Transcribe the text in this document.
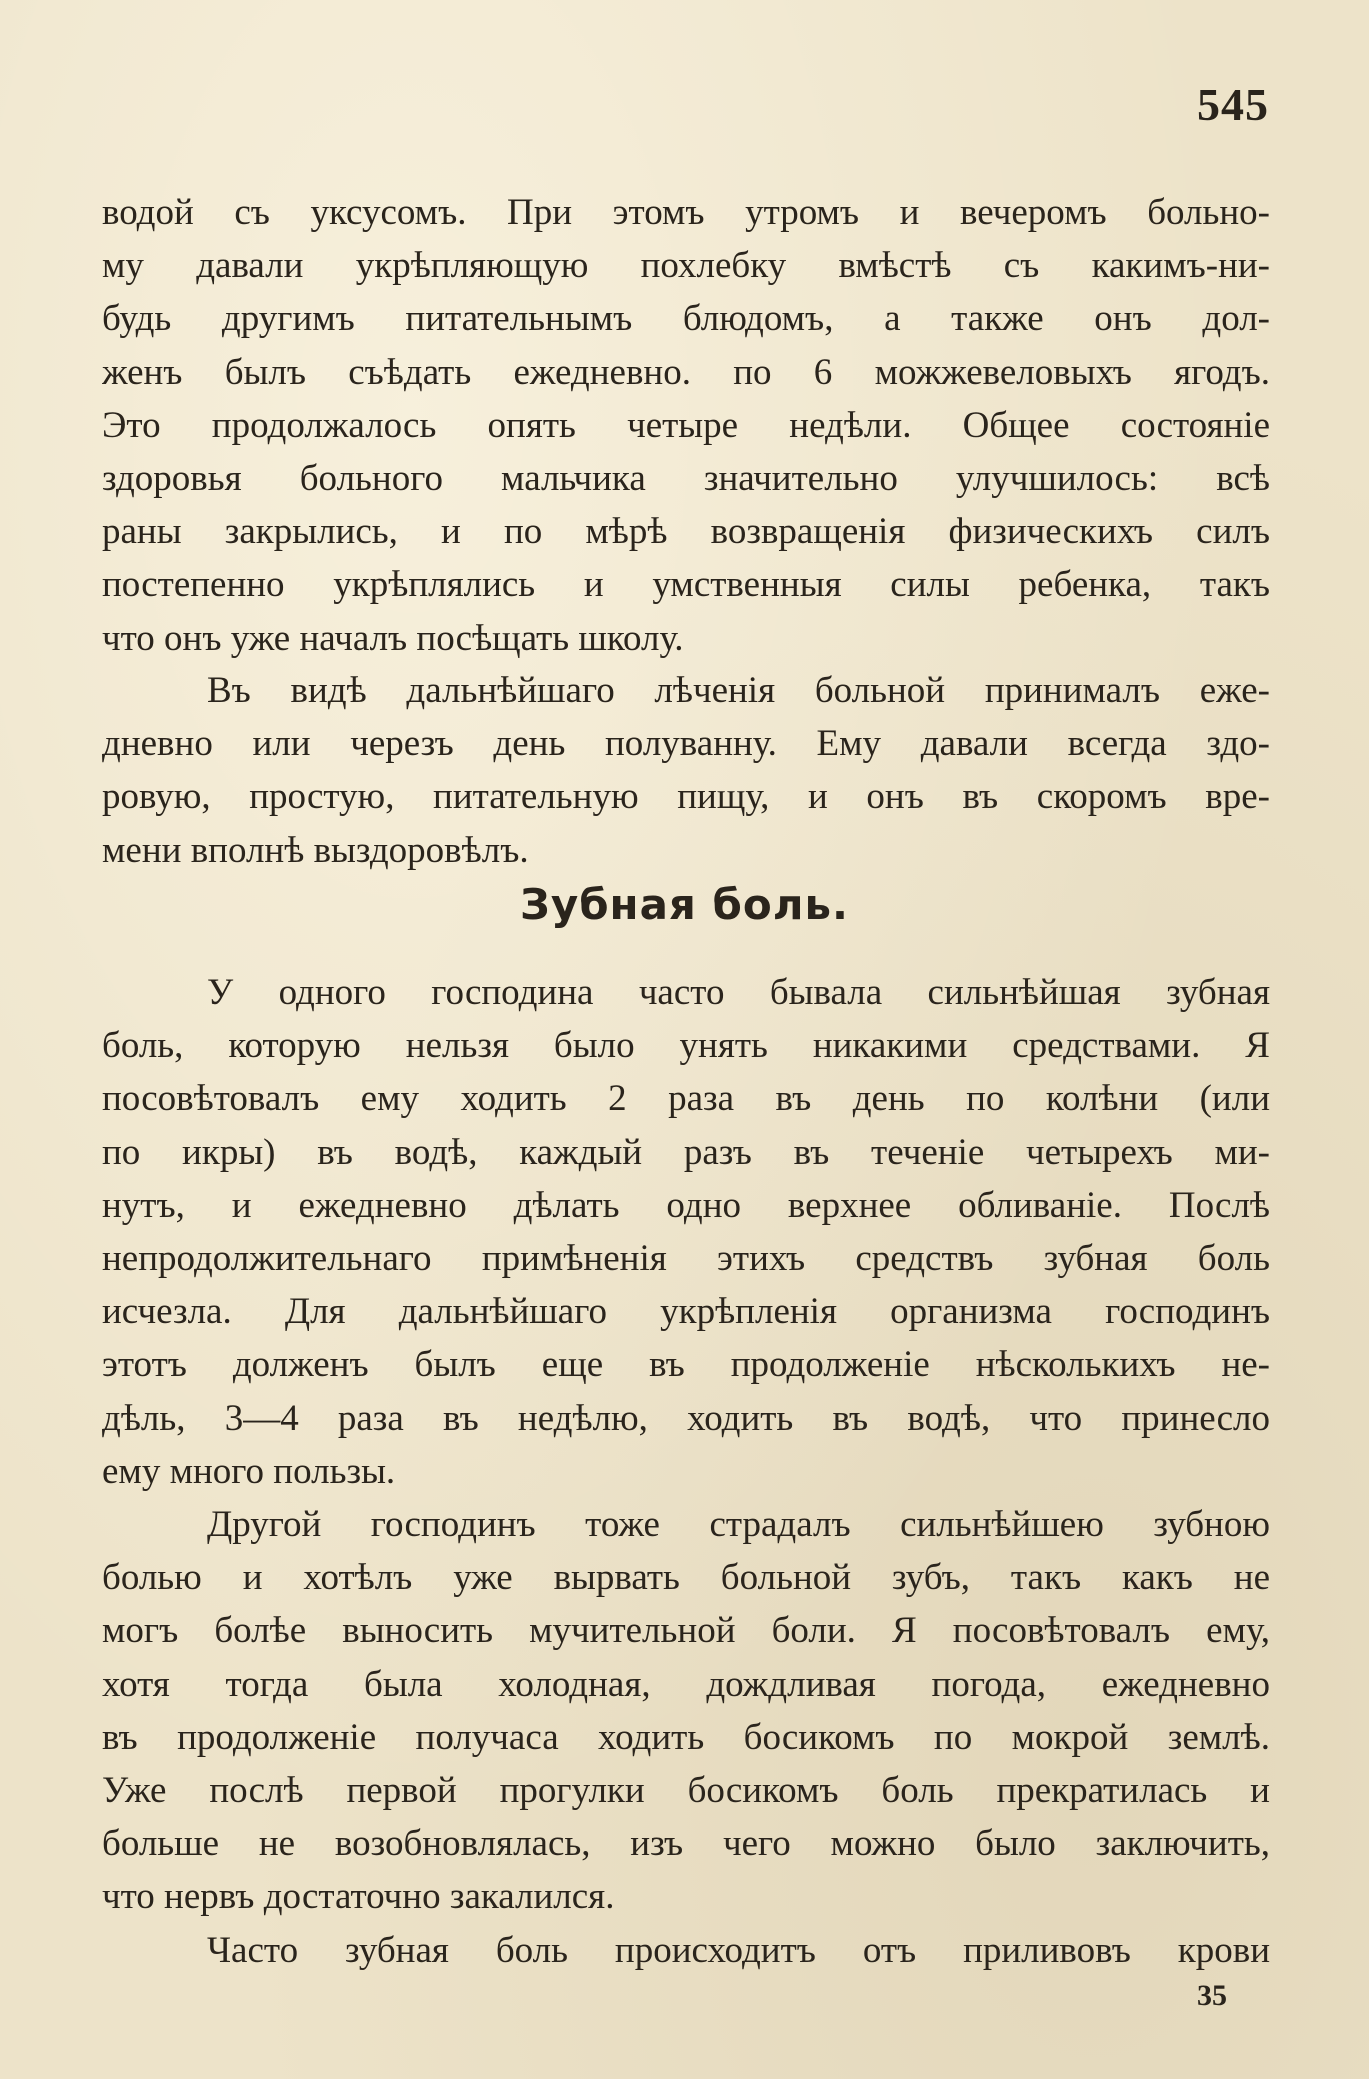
545
водой съ уксусомъ. При этомъ утромъ и вечеромъ больно-
му давали укрѣпляющую похлебку вмѣстѣ съ какимъ-ни-
будь другимъ питательнымъ блюдомъ, а также онъ дол-
женъ былъ съѣдать ежедневно. по 6 можжевеловыхъ ягодъ.
Это продолжалось опять четыре недѣли. Общее состояніе
здоровья больного мальчика значительно улучшилось: всѣ
раны закрылись, и по мѣрѣ возвращенія физическихъ силъ
постепенно укрѣплялись и умственныя силы ребенка, такъ
что онъ уже началъ посѣщать школу.
Въ видѣ дальнѣйшаго лѣченія больной принималъ еже-
дневно или черезъ день полуванну. Ему давали всегда здо-
ровую, простую, питательную пищу, и онъ въ скоромъ вре-
мени вполнѣ выздоровѣлъ.
Зубная боль.
У одного господина часто бывала сильнѣйшая зубная
боль, которую нельзя было унять никакими средствами. Я
посовѣтовалъ ему ходить 2 раза въ день по колѣни (или
по икры) въ водѣ, каждый разъ въ теченіе четырехъ ми-
нутъ, и ежедневно дѣлать одно верхнее обливаніе. Послѣ
непродолжительнаго примѣненія этихъ средствъ зубная боль
исчезла. Для дальнѣйшаго укрѣпленія организма господинъ
этотъ долженъ былъ еще въ продолженіе нѣсколькихъ не-
дѣль, 3—4 раза въ недѣлю, ходить въ водѣ, что принесло
ему много пользы.
Другой господинъ тоже страдалъ сильнѣйшею зубною
болью и хотѣлъ уже вырвать больной зубъ, такъ какъ не
могъ болѣе выносить мучительной боли. Я посовѣтовалъ ему,
хотя тогда была холодная, дождливая погода, ежедневно
въ продолженіе получаса ходить босикомъ по мокрой землѣ.
Уже послѣ первой прогулки босикомъ боль прекратилась и
больше не возобновлялась, изъ чего можно было заключить,
что нервъ достаточно закалился.
Часто зубная боль происходитъ отъ приливовъ крови
35
